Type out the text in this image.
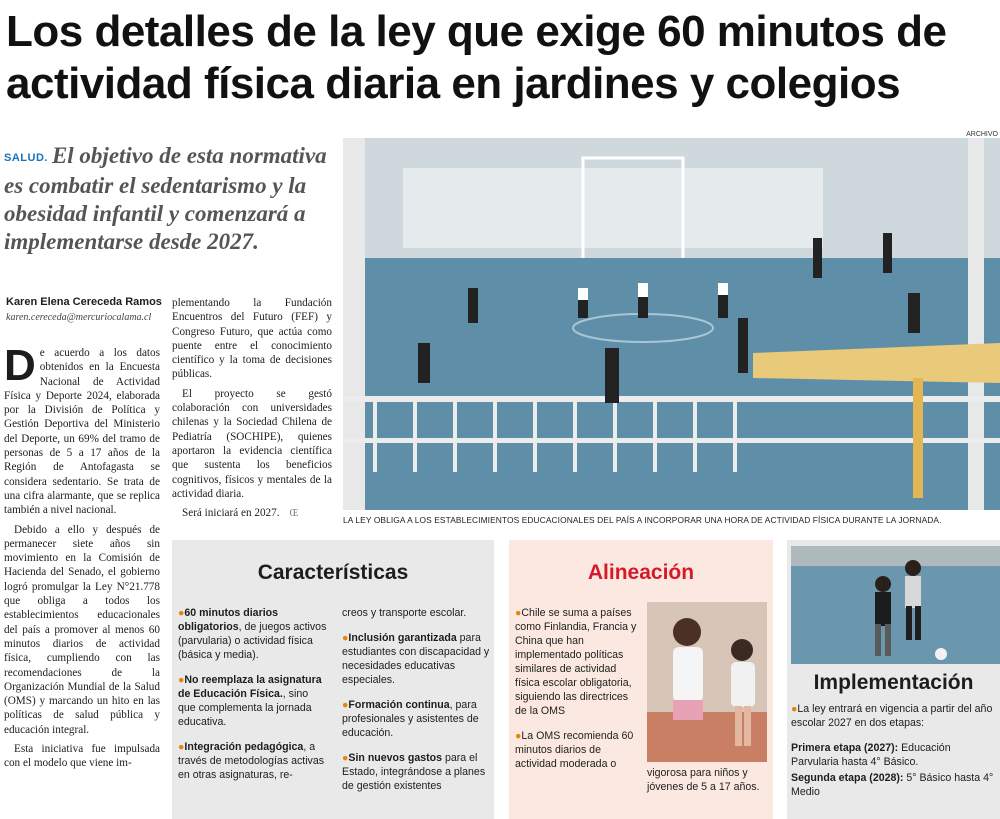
Los detalles de la ley que exige 60 minutos de actividad física diaria en jardines y colegios
ARCHIVO
SALUD. El objetivo de esta normativa es combatir el sedentarismo y la obesidad infantil y comenzará a implementarse desde 2027.
Karen Elena Cereceda Ramos
karen.cereceda@mercuriocalama.cl

De acuerdo a los datos obtenidos en la Encuesta Nacional de Actividad Física y Deporte 2024, elaborada por la División de Política y Gestión Deportiva del Ministerio del Deporte, un 69% del tramo de personas de 5 a 17 años de la Región de Antofagasta se considera sedentario. Se trata de una cifra alarmante, que se replica también a nivel nacional.

Debido a ello y después de permanecer siete años sin movimiento en la Comisión de Hacienda del Senado, el gobierno logró promulgar la Ley N°21.778 que obliga a todos los establecimientos educacionales del país a promover al menos 60 minutos diarios de actividad física, cumpliendo con las recomendaciones de la Organización Mundial de la Salud (OMS) y marcando un hito en las políticas de salud pública y educación integral.

Esta iniciativa fue impulsada con el modelo que viene im-

plementando la Fundación Encuentros del Futuro (FEF) y Congreso Futuro, que actúa como puente entre el conocimiento científico y la toma de decisiones públicas.

El proyecto se gestó colaboración con universidades chilenas y la Sociedad Chilena de Pediatría (SOCHIPE), quienes aportaron la evidencia científica que sustenta los beneficios cognitivos, físicos y mentales de la actividad diaria.

Será iniciará en 2027. Œ

LA LEY OBLIGA A LOS ESTABLECIMIENTOS EDUCACIONALES DEL PAÍS A INCORPORAR UNA HORA DE ACTIVIDAD FÍSICA DURANTE LA JORNADA.
Características

●60 minutos diarios obligatorios, de juegos activos (parvularia) o actividad física (básica y media).

●No reemplaza la asignatura de Educación Física., sino que complementa la jornada educativa.

●Integración pedagógica, a través de metodologías activas en otras asignaturas, re-

creos y transporte escolar.

●Inclusión garantizada para estudiantes con discapacidad y necesidades educativas especiales.

●Formación continua, para profesionales y asistentes de educación.

●Sin nuevos gastos para el Estado, integrándose a planes de gestión existentes

Alineación

●Chile se suma a países como Finlandia, Francia y China que han implementado políticas similares de actividad física escolar obligatoria, siguiendo las directrices de la OMS

●La OMS recomienda 60 minutos diarios de actividad moderada o

vigorosa para niños y jóvenes de 5 a 17 años.

Implementación

●La ley entrará en vigencia a partir del año escolar 2027 en dos etapas:

Primera etapa (2027): Educación Parvularia hasta 4° Básico.

Segunda etapa (2028): 5° Básico hasta 4° Medio
